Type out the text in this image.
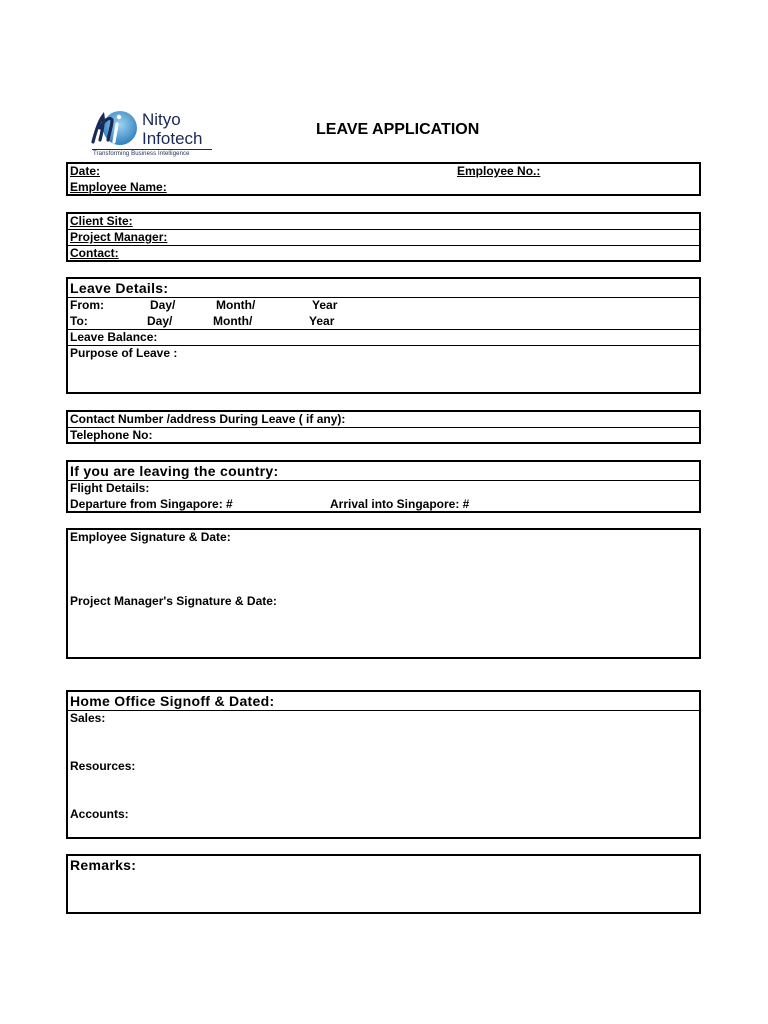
Nityo
Infotech
Transforming Business Intelligence
LEAVE APPLICATION
Date:	Employee No.:
Employee Name:
Client Site:
Project Manager:
Contact:
Leave Details:
From:	Day/	Month/	Year
To:	Day/	Month/	Year
Leave Balance:
Purpose of Leave :
Contact Number /address During Leave ( if any):
Telephone No:
If you are leaving the country:
Flight Details:
Departure from Singapore: #	Arrival into Singapore: #
Employee Signature & Date:
Project Manager's Signature & Date:
Home Office Signoff & Dated:
Sales:
Resources:
Accounts:
Remarks:
